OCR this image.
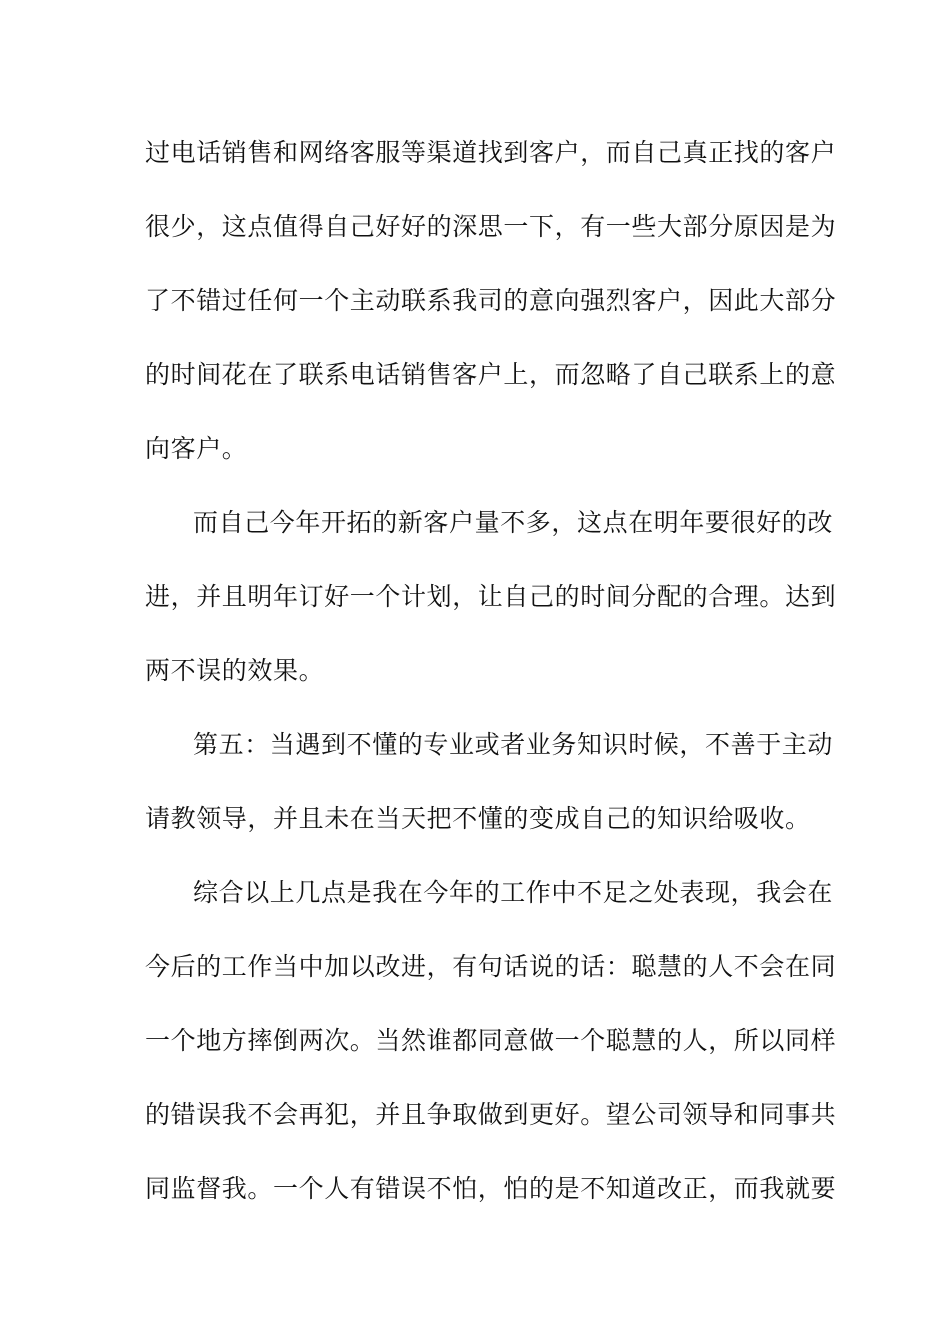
过电话销售和网络客服等渠道找到客户，而自己真正找的客户
很少，这点值得自己好好的深思一下，有一些大部分原因是为
了不错过任何一个主动联系我司的意向强烈客户，因此大部分
的时间花在了联系电话销售客户上，而忽略了自己联系上的意
向客户。
而自己今年开拓的新客户量不多，这点在明年要很好的改
进，并且明年订好一个计划，让自己的时间分配的合理。达到
两不误的效果。
第五：当遇到不懂的专业或者业务知识时候，不善于主动
请教领导，并且未在当天把不懂的变成自己的知识给吸收。
综合以上几点是我在今年的工作中不足之处表现，我会在
今后的工作当中加以改进，有句话说的话：聪慧的人不会在同
一个地方摔倒两次。当然谁都同意做一个聪慧的人，所以同样
的错误我不会再犯，并且争取做到更好。望公司领导和同事共
同监督我。一个人有错误不怕，怕的是不知道改正，而我就要
